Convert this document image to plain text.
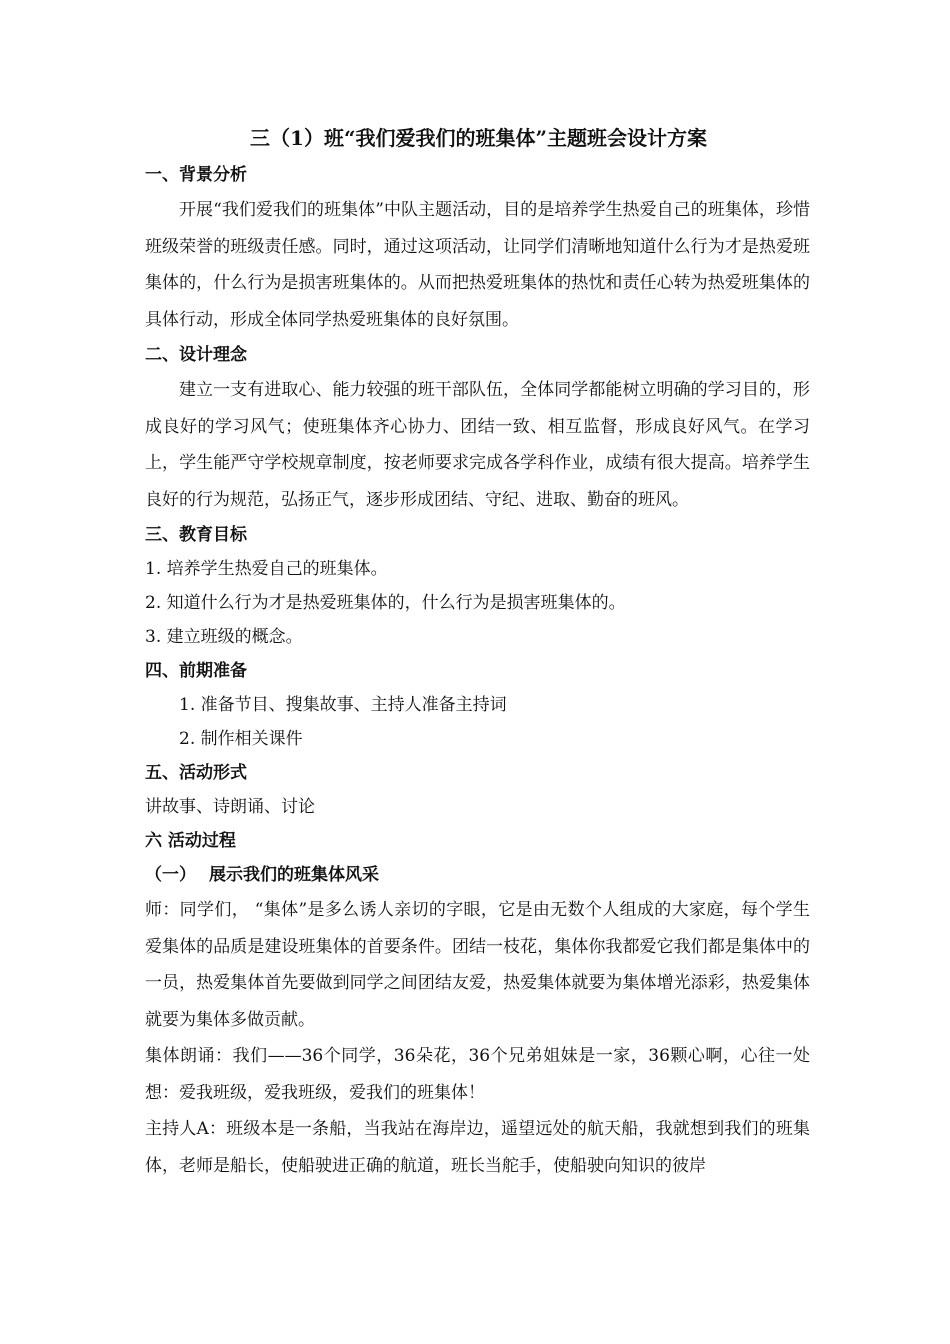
三（1）班“我们爱我们的班集体”主题班会设计方案

一、背景分析

开展“我们爱我们的班集体”中队主题活动，目的是培养学生热爱自己的班集体，珍惜班级荣誉的班级责任感。同时，通过这项活动，让同学们清晰地知道什么行为才是热爱班集体的，什么行为是损害班集体的。从而把热爱班集体的热忱和责任心转为热爱班集体的具体行动，形成全体同学热爱班集体的良好氛围。

二、设计理念

建立一支有进取心、能力较强的班干部队伍，全体同学都能树立明确的学习目的，形成良好的学习风气；使班集体齐心协力、团结一致、相互监督，形成良好风气。在学习上，学生能严守学校规章制度，按老师要求完成各学科作业，成绩有很大提高。培养学生良好的行为规范，弘扬正气，逐步形成团结、守纪、进取、勤奋的班风。

三、教育目标

1. 培养学生热爱自己的班集体。

2. 知道什么行为才是热爱班集体的，什么行为是损害班集体的。

3. 建立班级的概念。

四、前期准备

1. 准备节目、搜集故事、主持人准备主持词

2. 制作相关课件

五、活动形式

讲故事、诗朗诵、讨论

六 活动过程

（一） 展示我们的班集体风采

师：同学们， “集体”是多么诱人亲切的字眼，它是由无数个人组成的大家庭，每个学生爱集体的品质是建设班集体的首要条件。团结一枝花，集体你我都爱它我们都是集体中的一员，热爱集体首先要做到同学之间团结友爱，热爱集体就要为集体增光添彩，热爱集体就要为集体多做贡献。

集体朗诵：我们——36个同学，36朵花，36个兄弟姐妹是一家，36颗心啊，心往一处想：爱我班级，爱我班级，爱我们的班集体！

主持人A：班级本是一条船，当我站在海岸边，遥望远处的航天船，我就想到我们的班集体，老师是船长，使船驶进正确的航道，班长当舵手，使船驶向知识的彼岸
